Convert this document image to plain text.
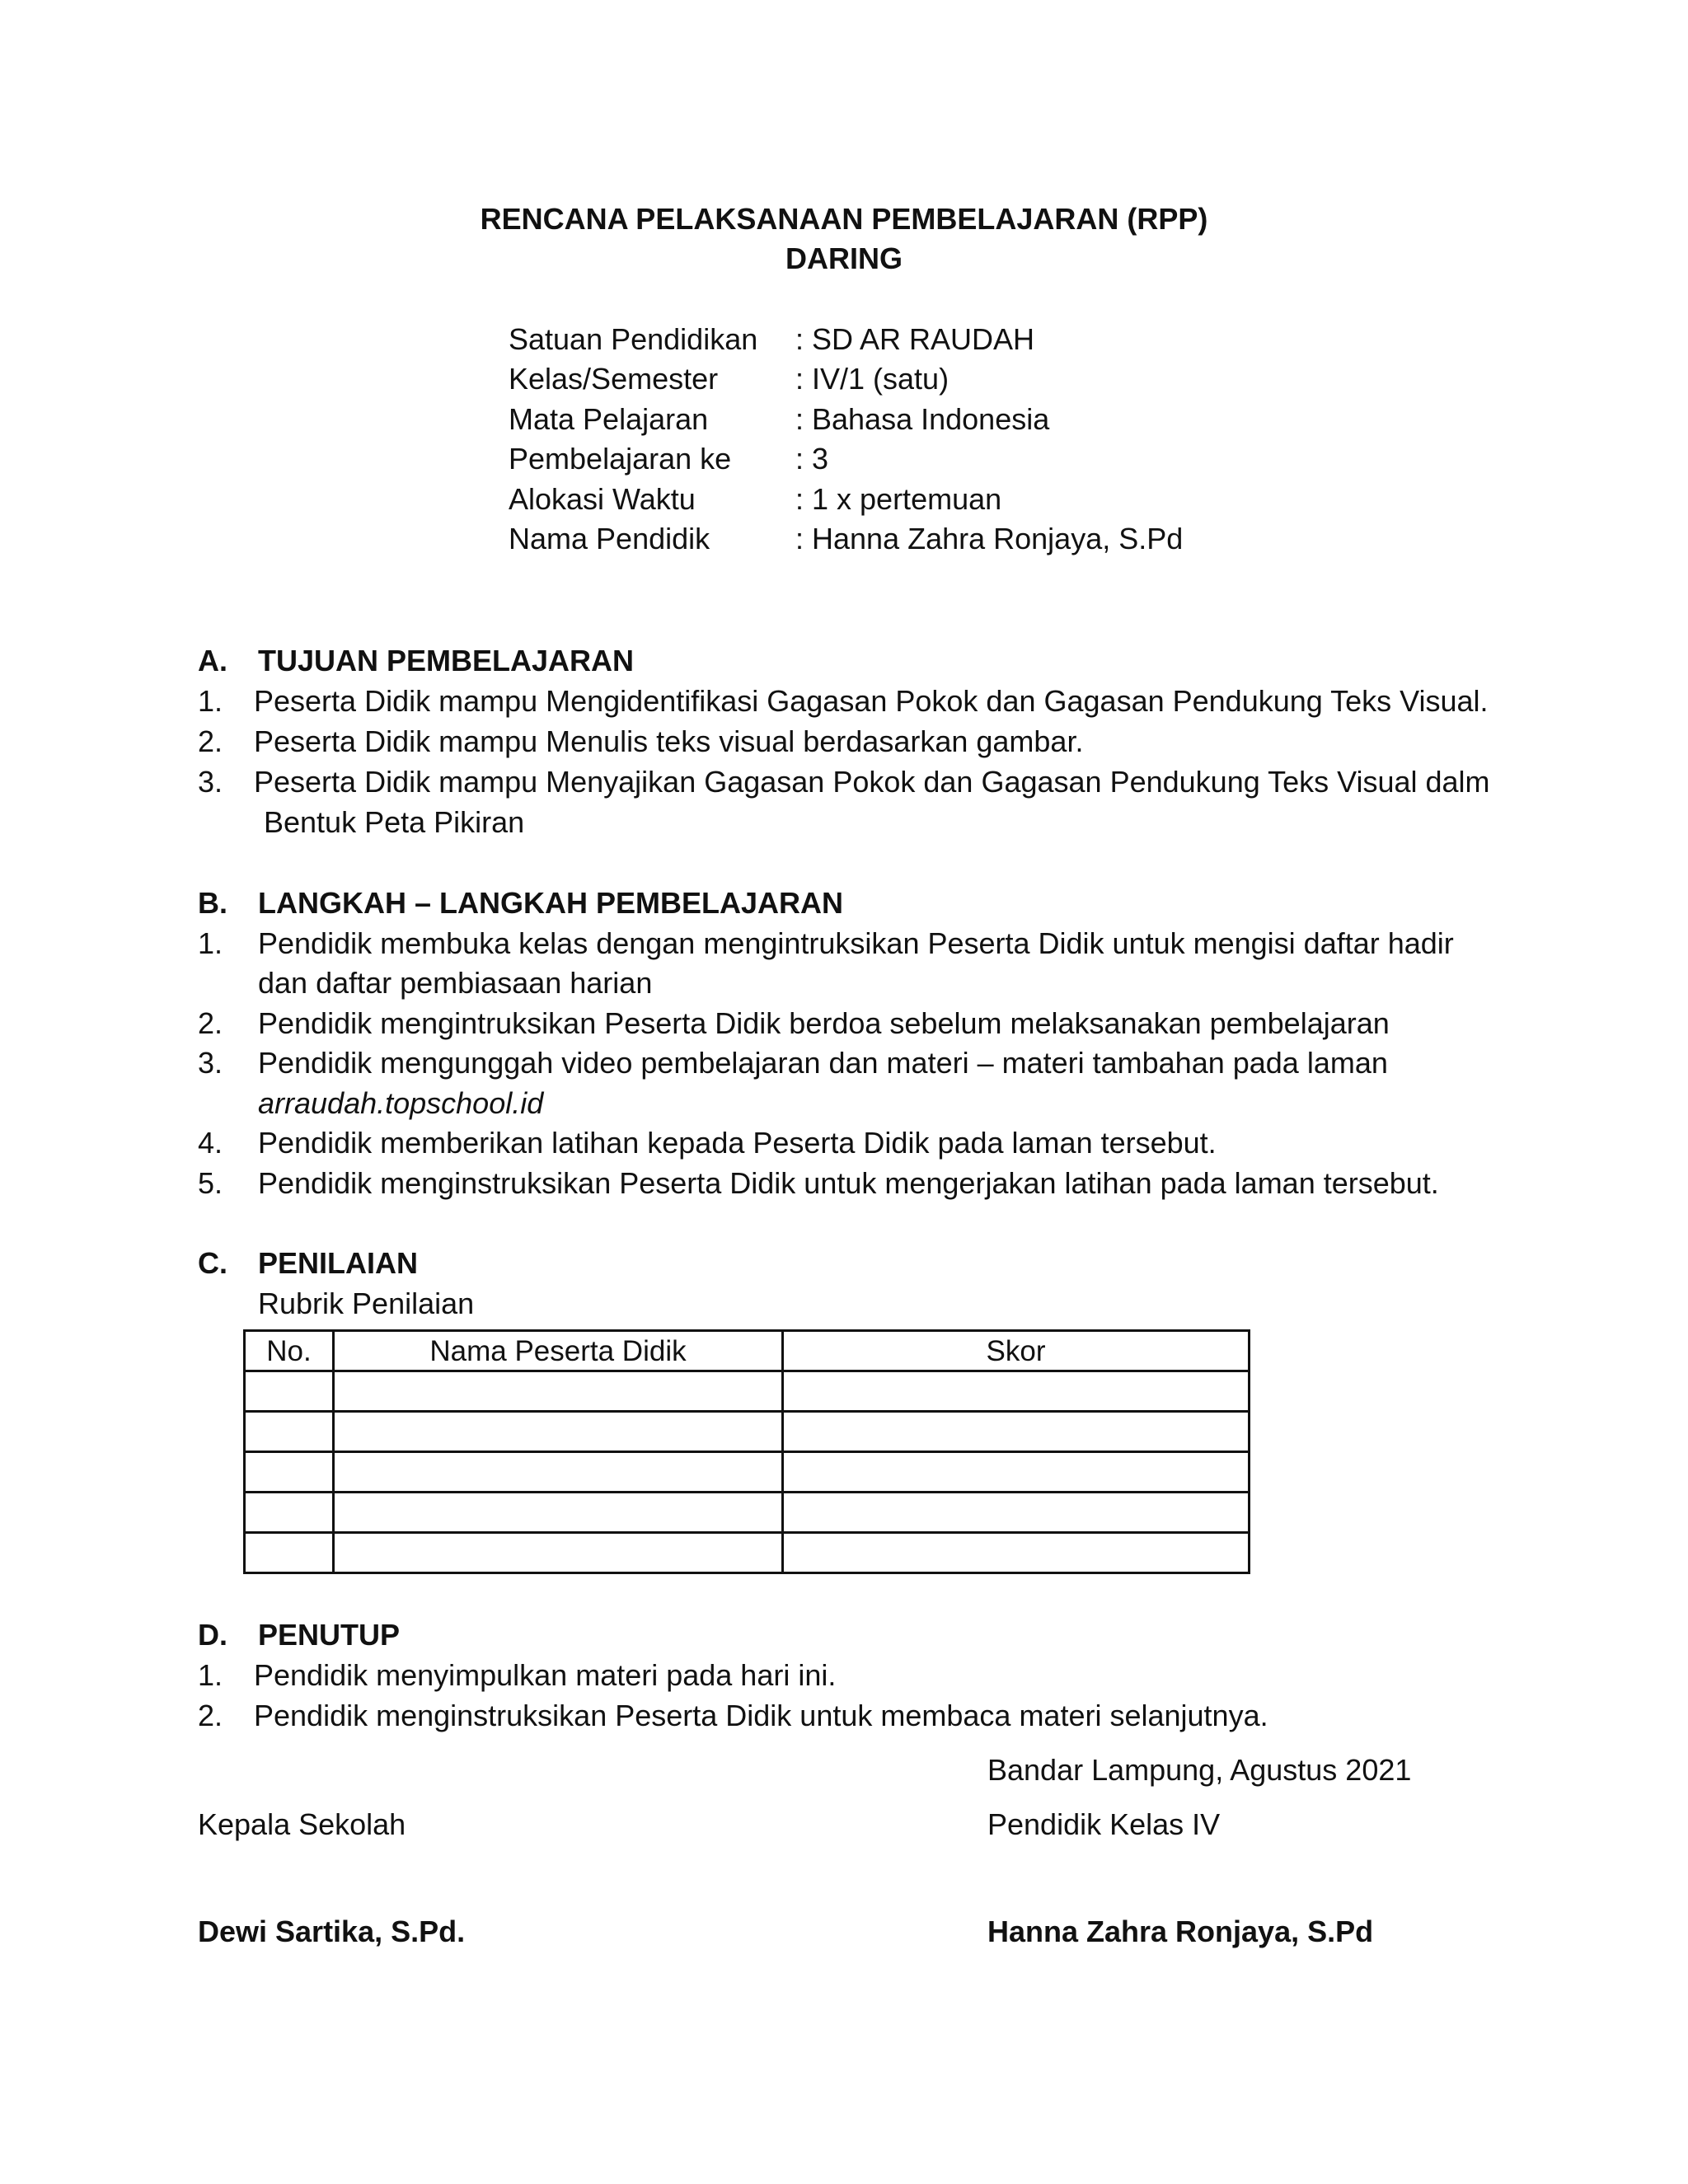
RENCANA PELAKSANAAN PEMBELAJARAN (RPP)
DARING
Satuan Pendidikan : SD AR RAUDAH
Kelas/Semester	: IV/1 (satu)
Mata Pelajaran	: Bahasa Indonesia
Pembelajaran ke : 3
Alokasi Waktu	: 1 x pertemuan
Nama Pendidik	: Hanna Zahra Ronjaya, S.Pd
A. TUJUAN PEMBELAJARAN
1. Peserta Didik mampu Mengidentifikasi Gagasan Pokok dan Gagasan Pendukung Teks Visual.
2. Peserta Didik mampu Menulis teks visual berdasarkan gambar.
3. Peserta Didik mampu Menyajikan Gagasan Pokok dan Gagasan Pendukung Teks Visual dalm
Bentuk Peta Pikiran
B. LANGKAH – LANGKAH PEMBELAJARAN
1. Pendidik membuka kelas dengan mengintruksikan Peserta Didik untuk mengisi daftar hadir
dan daftar pembiasaan harian
2. Pendidik mengintruksikan Peserta Didik berdoa sebelum melaksanakan pembelajaran
3. Pendidik mengunggah video pembelajaran dan materi – materi tambahan pada laman
arraudah.topschool.id
4. Pendidik memberikan latihan kepada Peserta Didik pada laman tersebut.
5. Pendidik menginstruksikan Peserta Didik untuk mengerjakan latihan pada laman tersebut.
C. PENILAIAN
Rubrik Penilaian
No.	Nama Peserta Didik	Skor

D. PENUTUP
1. Pendidik menyimpulkan materi pada hari ini.
2. Pendidik menginstruksikan Peserta Didik untuk membaca materi selanjutnya.
Bandar Lampung, Agustus 2021
Kepala Sekolah	Pendidik Kelas IV
Dewi Sartika, S.Pd.	Hanna Zahra Ronjaya, S.Pd
